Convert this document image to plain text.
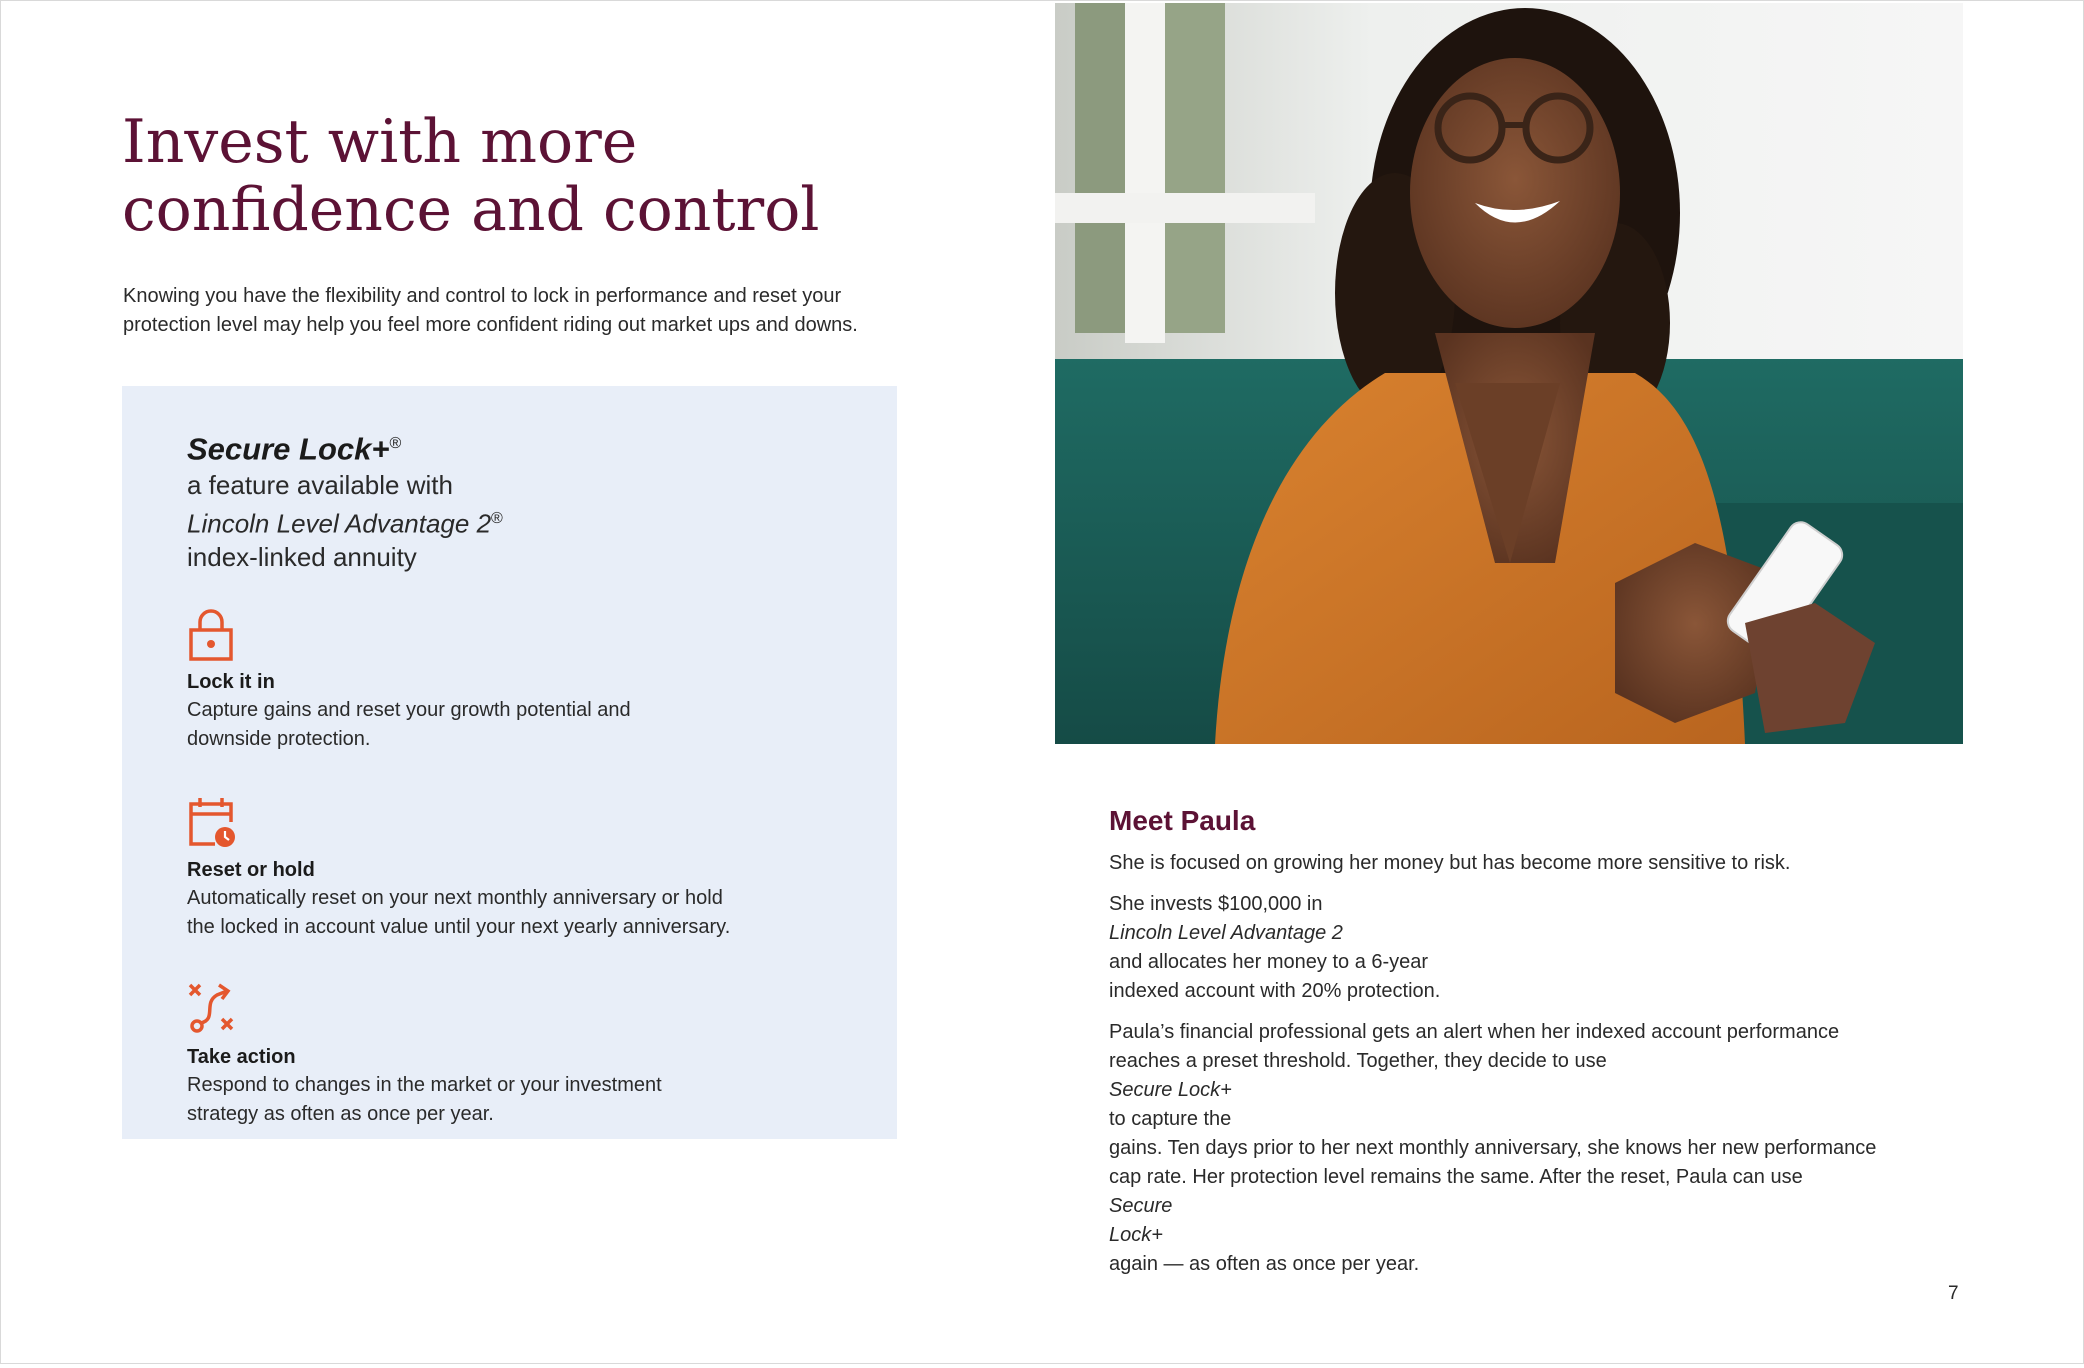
Invest with more
confidence and control

Knowing you have the flexibility and control to lock in performance and reset your
protection level may help you feel more confident riding out market ups and downs.

Secure Lock+®

a feature available with
Lincoln Level Advantage 2®
index-linked annuity

Lock it in

Capture gains and reset your growth potential and
downside protection.

Reset or hold

Automatically reset on your next monthly anniversary or hold
the locked in account value until your next yearly anniversary.

Take action

Respond to changes in the market or your investment
strategy as often as once per year.

Meet Paula

She is focused on growing her money but has become more sensitive to risk.

She invests $100,000 in
Lincoln Level Advantage 2
and allocates her money to a 6-year
indexed account with 20% protection.

Paula’s financial professional gets an alert when her indexed account performance
reaches a preset threshold. Together, they decide to use
Secure Lock+
to capture the
gains. Ten days prior to her next monthly anniversary, she knows her new performance
cap rate. Her protection level remains the same. After the reset, Paula can use
Secure
Lock+
again — as often as once per year.

7
